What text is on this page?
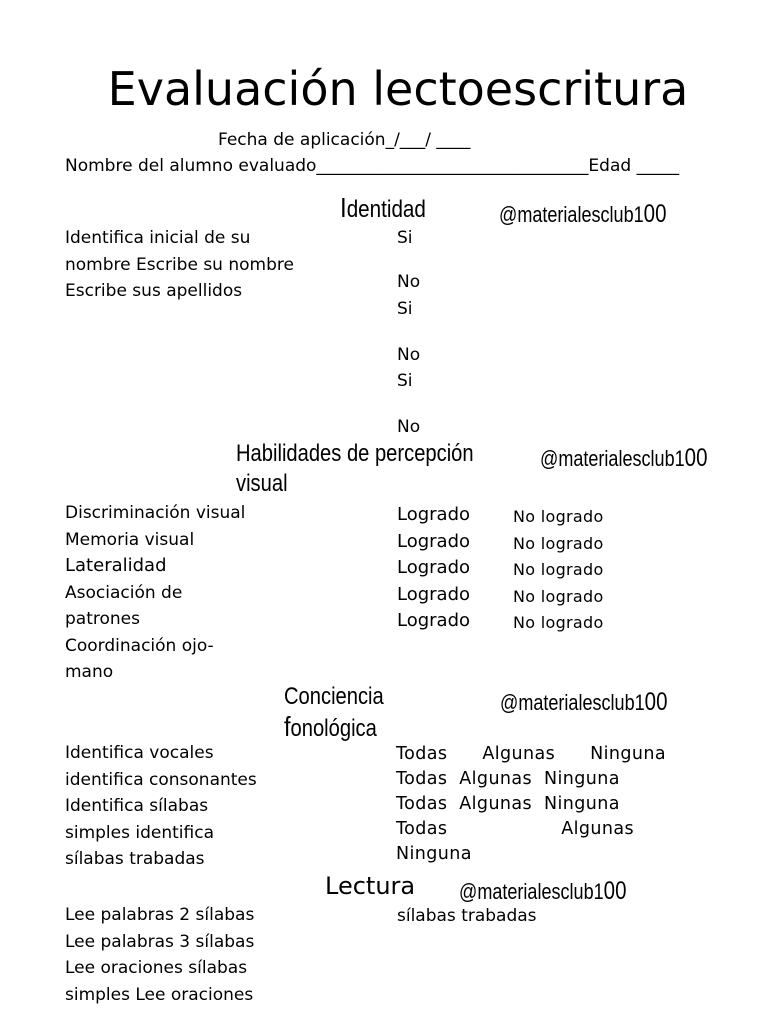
Evaluación lectoescritura
Fecha de aplicación_/___/ ____
Nombre del alumno evaluado________________________________Edad _____
Identidad	@materialesclub100
Identifica inicial de su
nombre Escribe su nombre
Escribe sus apellidos
Si
No
Si
No
Si
No
Habilidades de percepción
visual
@materialesclub100
Discriminación visual
Memoria visual
Lateralidad
Asociación de
patrones
Coordinación ojo-
mano
Logrado
Logrado
Logrado
Logrado
Logrado
No logrado
No logrado
No logrado
No logrado
No logrado
Conciencia
fonológica
@materialesclub100
Identifica vocales
identifica consonantes
Identifica sílabas
simples identifica
sílabas trabadas
Todas Algunas Ninguna
Todas  Algunas  Ninguna
Todas  Algunas  Ninguna
Todas	Algunas
Ninguna
Lectura @materialesclub100
Lee palabras 2 sílabas
Lee palabras 3 sílabas
Lee oraciones sílabas
simples Lee oraciones
sílabas trabadas
